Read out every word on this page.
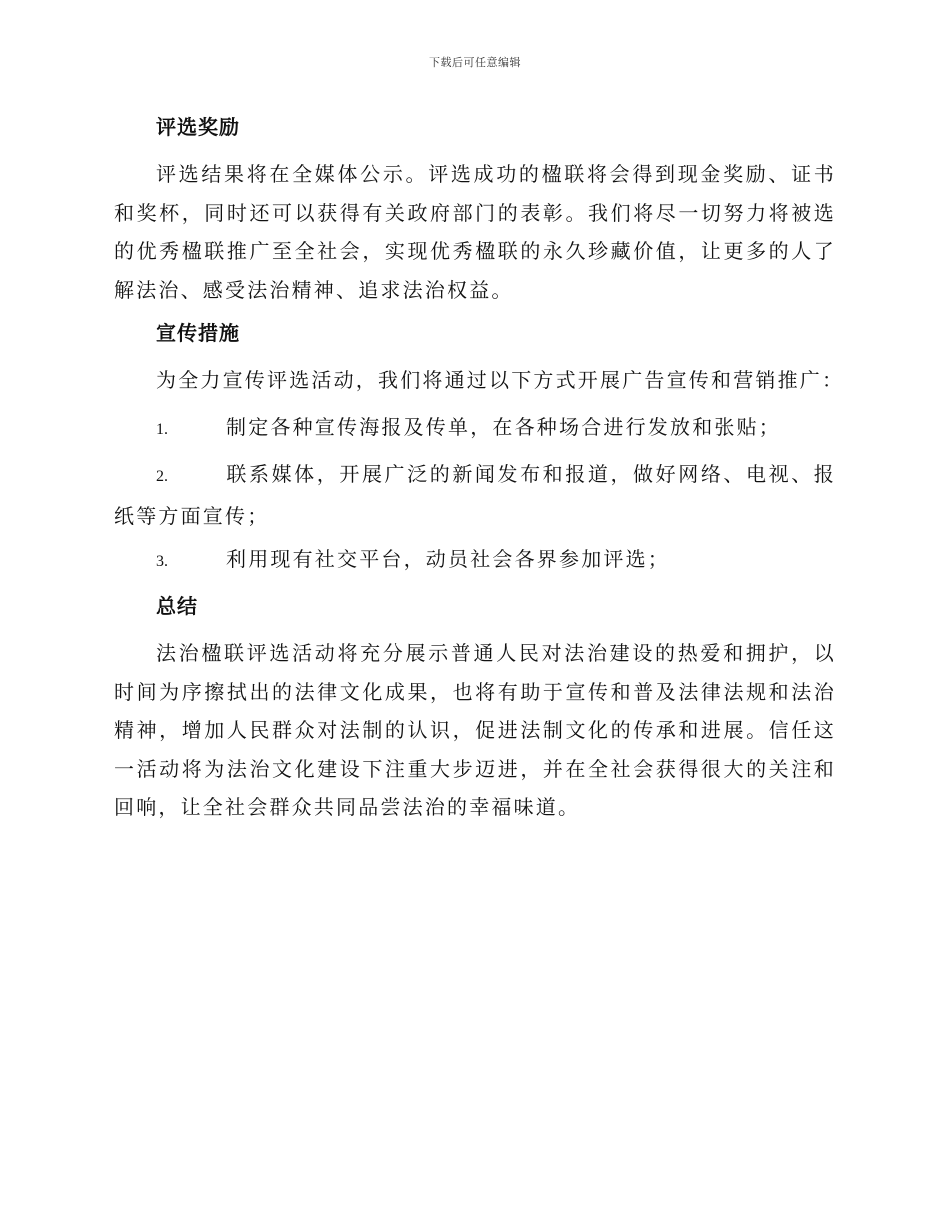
下载后可任意编辑
评选奖励
评选结果将在全媒体公示。评选成功的楹联将会得到现金奖励、证书和奖杯，同时还可以获得有关政府部门的表彰。我们将尽一切努力将被选的优秀楹联推广至全社会，实现优秀楹联的永久珍藏价值，让更多的人了解法治、感受法治精神、追求法治权益。
宣传措施
为全力宣传评选活动，我们将通过以下方式开展广告宣传和营销推广：
1.	制定各种宣传海报及传单，在各种场合进行发放和张贴；
2.	联系媒体，开展广泛的新闻发布和报道，做好网络、电视、报纸等方面宣传；
3.	利用现有社交平台，动员社会各界参加评选；
总结
法治楹联评选活动将充分展示普通人民对法治建设的热爱和拥护，以时间为序擦拭出的法律文化成果，也将有助于宣传和普及法律法规和法治精神，增加人民群众对法制的认识，促进法制文化的传承和进展。信任这一活动将为法治文化建设下注重大步迈进，并在全社会获得很大的关注和回响，让全社会群众共同品尝法治的幸福味道。
